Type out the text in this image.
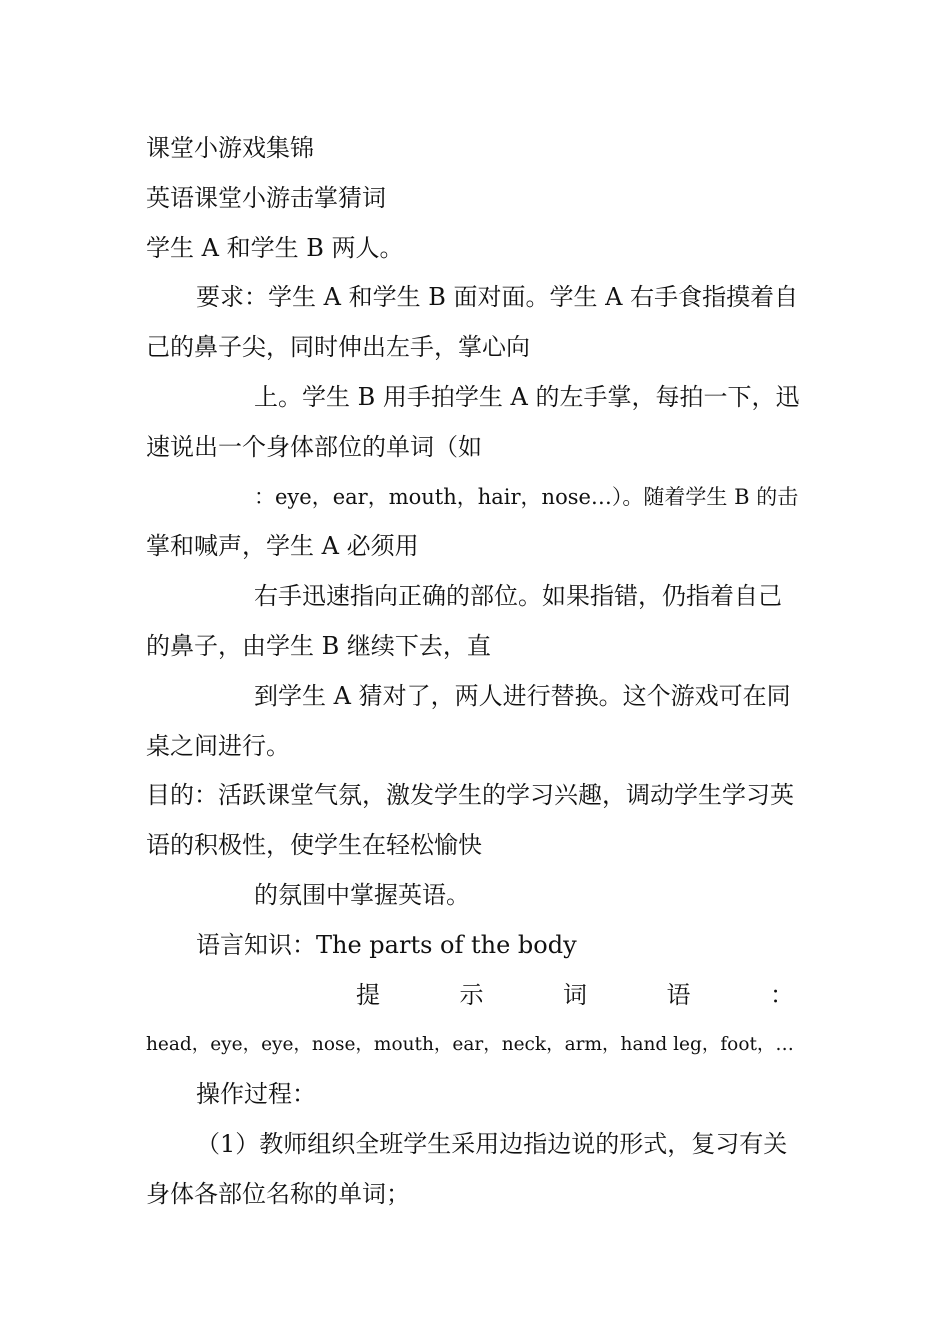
课堂小游戏集锦
英语课堂小游击掌猜词
学生 A 和学生 B 两人。
要求：学生 A 和学生 B 面对面。学生 A 右手食指摸着自
己的鼻子尖，同时伸出左手，掌心向
上。学生 B 用手拍学生 A 的左手掌，每拍一下，迅
速说出一个身体部位的单词（如
：eye，ear，mouth，hair，nose…）。随着学生 B 的击
掌和喊声，学生 A 必须用
右手迅速指向正确的部位。如果指错，仍指着自己
的鼻子，由学生 B 继续下去，直
到学生 A 猜对了，两人进行替换。这个游戏可在同
桌之间进行。
目的：活跃课堂气氛，激发学生的学习兴趣，调动学生学习英
语的积极性，使学生在轻松愉快
的氛围中掌握英语。
语言知识：The parts of the body
提	示	词	语	：
head，eye，eye，nose，mouth，ear，neck，arm，hand leg，foot，…
操作过程：
（1）教师组织全班学生采用边指边说的形式，复习有关
身体各部位名称的单词；
